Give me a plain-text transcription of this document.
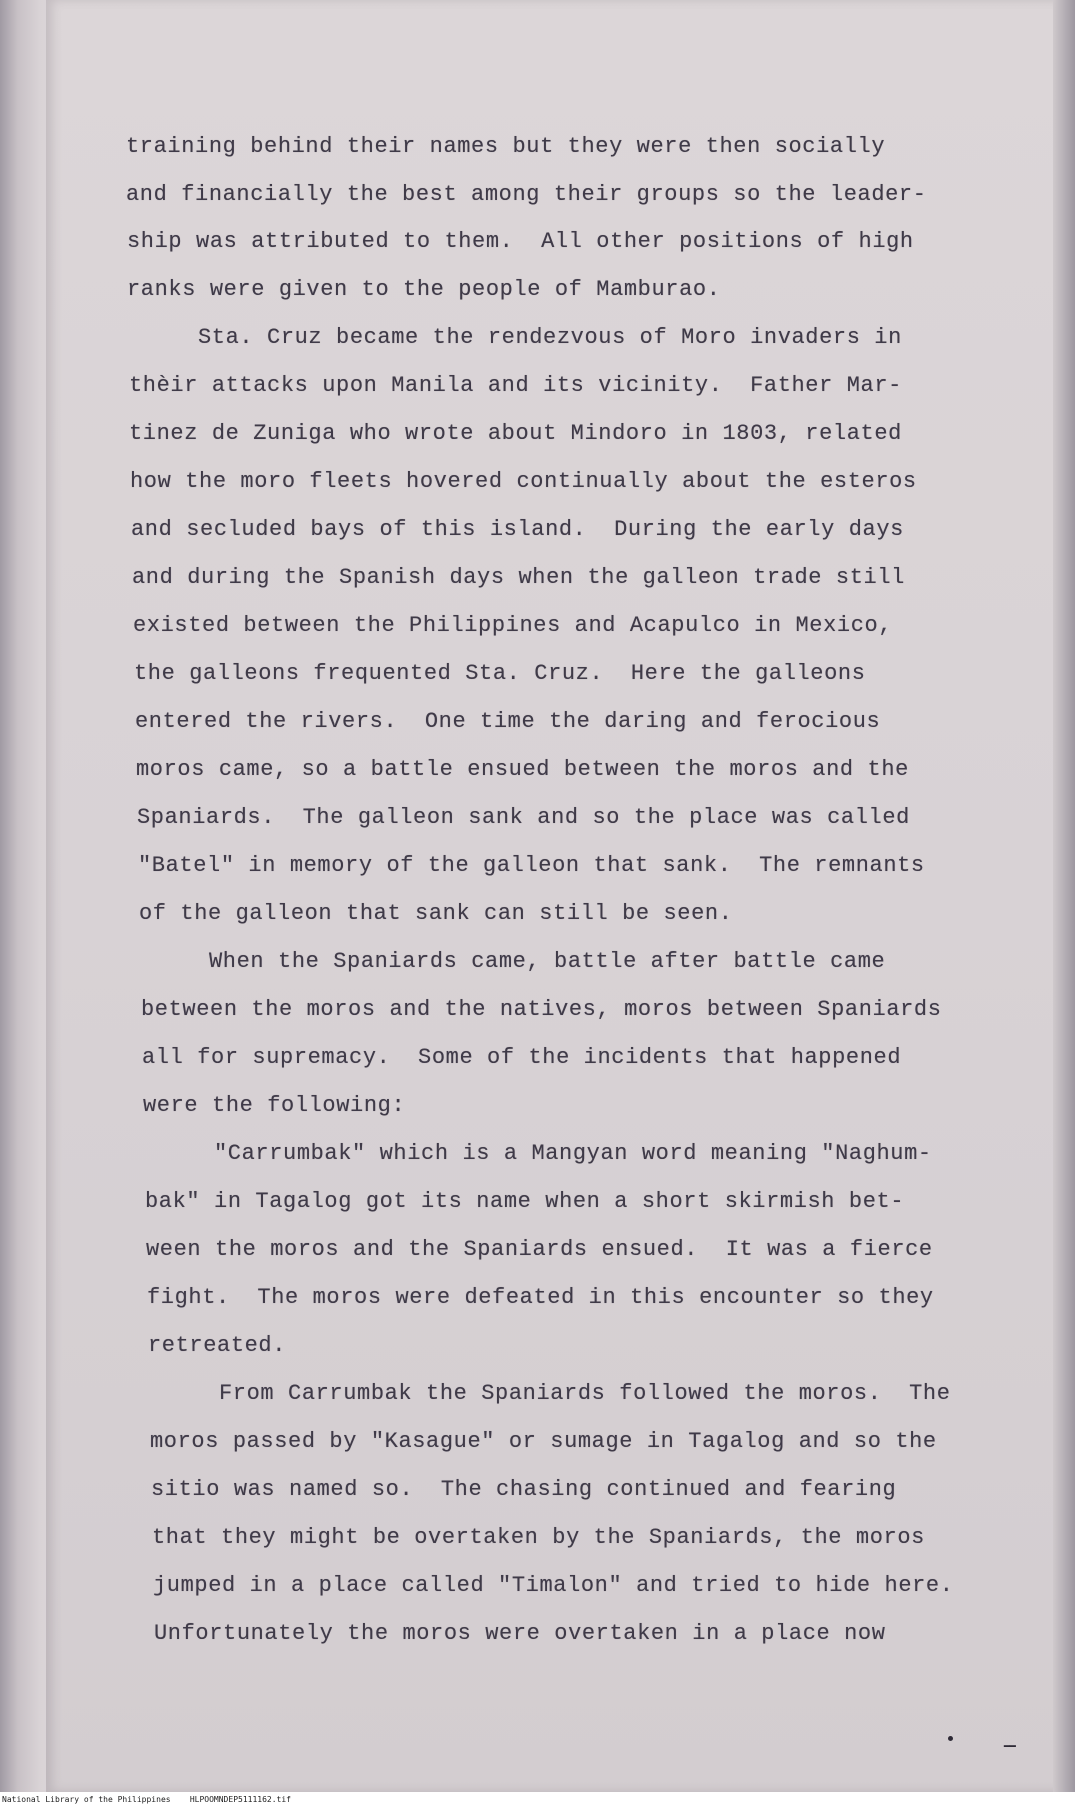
training behind their names but they were then socially
and financially the best among their groups so the leader-
ship was attributed to them.  All other positions of high
ranks were given to the people of Mamburao.
Sta. Cruz became the rendezvous of Moro invaders in
thèir attacks upon Manila and its vicinity.  Father Mar-
tinez de Zuniga who wrote about Mindoro in 1803, related
how the moro fleets hovered continually about the esteros
and secluded bays of this island.  During the early days
and during the Spanish days when the galleon trade still
existed between the Philippines and Acapulco in Mexico,
the galleons frequented Sta. Cruz.  Here the galleons
entered the rivers.  One time the daring and ferocious
moros came, so a battle ensued between the moros and the
Spaniards.  The galleon sank and so the place was called
"Batel" in memory of the galleon that sank.  The remnants
of the galleon that sank can still be seen.
When the Spaniards came, battle after battle came
between the moros and the natives, moros between Spaniards
all for supremacy.  Some of the incidents that happened
were the following:
"Carrumbak" which is a Mangyan word meaning "Naghum-
bak" in Tagalog got its name when a short skirmish bet-
ween the moros and the Spaniards ensued.  It was a fierce
fight.  The moros were defeated in this encounter so they
retreated.
From Carrumbak the Spaniards followed the moros.  The
moros passed by "Kasague" or sumage in Tagalog and so the
sitio was named so.  The chasing continued and fearing
that they might be overtaken by the Spaniards, the moros
jumped in a place called "Timalon" and tried to hide here.
Unfortunately the moros were overtaken in a place now
ــ
National Library of the Philippines    HLPOOMNDEP5111162.tif
